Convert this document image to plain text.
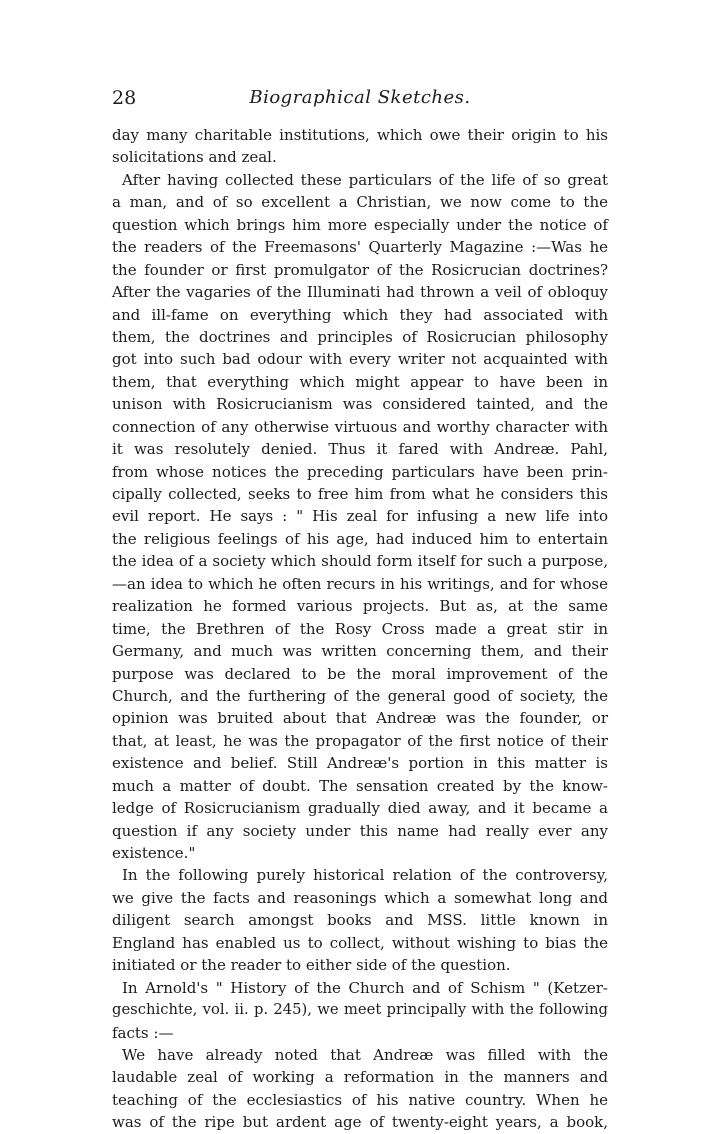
28	Biographical Sketches.
day many charitable institutions, which owe their origin to his
solicitations and zeal.
After having collected these particulars of the life of so great
a man, and of so excellent a Christian, we now come to the
question which brings him more especially under the notice of
the readers of the Freemasons' Quarterly Magazine :—Was he
the founder or first promulgator of the Rosicrucian doctrines?
After the vagaries of the Illuminati had thrown a veil of obloquy
and ill-fame on everything which they had associated with
them, the doctrines and principles of Rosicrucian philosophy
got into such bad odour with every writer not acquainted with
them, that everything which might appear to have been in
unison with Rosicrucianism was considered tainted, and the
connection of any otherwise virtuous and worthy character with
it was resolutely denied. Thus it fared with Andreæ. Pahl,
from whose notices the preceding particulars have been prin-
cipally collected, seeks to free him from what he considers this
evil report. He says : " His zeal for infusing a new life into
the religious feelings of his age, had induced him to entertain
the idea of a society which should form itself for such a purpose,
—an idea to which he often recurs in his writings, and for whose
realization he formed various projects. But as, at the same
time, the Brethren of the Rosy Cross made a great stir in
Germany, and much was written concerning them, and their
purpose was declared to be the moral improvement of the
Church, and the furthering of the general good of society, the
opinion was bruited about that Andreæ was the founder, or
that, at least, he was the propagator of the first notice of their
existence and belief. Still Andreæ's portion in this matter is
much a matter of doubt. The sensation created by the know-
ledge of Rosicrucianism gradually died away, and it became a
question if any society under this name had really ever any
existence."
In the following purely historical relation of the controversy,
we give the facts and reasonings which a somewhat long and
diligent search amongst books and MSS. little known in
England has enabled us to collect, without wishing to bias the
initiated or the reader to either side of the question.
In Arnold's " History of the Church and of Schism " (Ketzer-
geschichte, vol. ii. p. 245), we meet principally with the following
facts :—
We have already noted that Andreæ was filled with the
laudable zeal of working a reformation in the manners and
teaching of the ecclesiastics of his native country. When he
was of the ripe but ardent age of twenty-eight years, a book,
